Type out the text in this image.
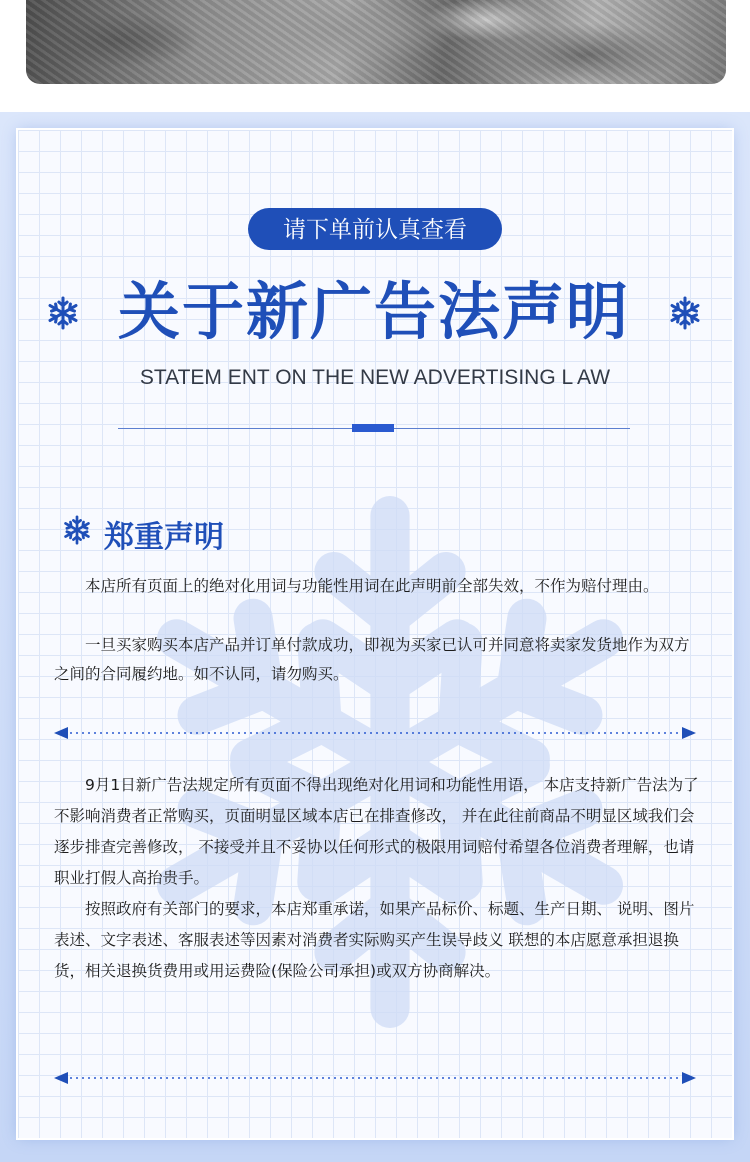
请下单前认真查看
关于新广告法声明
STATEM ENT ON THE NEW ADVERTISING L AW
郑重声明

本店所有页面上的绝对化用词与功能性用词在此声明前全部失效，不作为赔付理由。

一旦买家购买本店产品并订单付款成功，即视为买家已认可并同意将卖家发货地作为双方之间的合同履约地。如不认同，请勿购买。

9月1日新广告法规定所有页面不得出现绝对化用词和功能性用语， 本店支持新广告法为了不影响消费者正常购买，页面明显区域本店已在排查修改， 并在此往前商品不明显区域我们会逐步排查完善修改， 不接受并且不妥协以任何形式的极限用词赔付希望各位消费者理解，也请职业打假人高抬贵手。

按照政府有关部门的要求，本店郑重承诺，如果产品标价、标题、生产日期、 说明、图片表述、文字表述、客服表述等因素对消费者实际购买产生误导歧义 联想的本店愿意承担退换货，相关退换货费用或用运费险(保险公司承担)或双方协商解决。
